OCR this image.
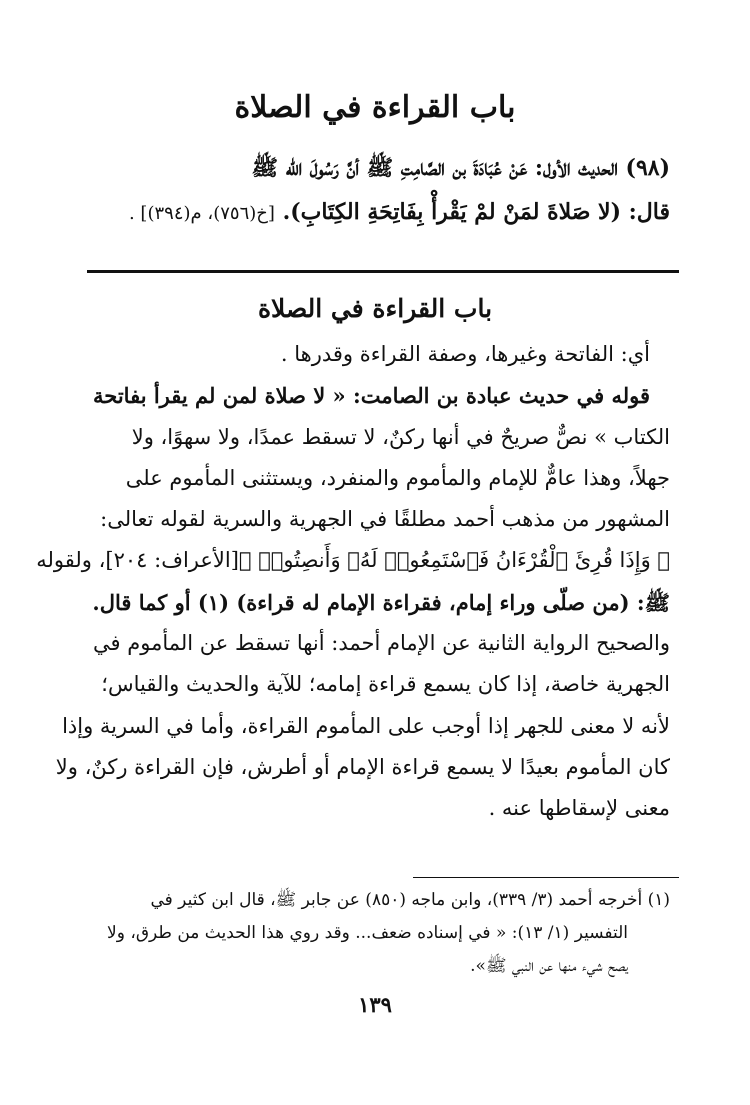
باب القراءة في الصلاة
(٩٨) الحديث الأول: عَنْ عُبَادَةَ بن الصَّامِتِ ﷺ أنَّ رَسُولَ الله ﷺ
قال: (لا صَلاةَ لمَنْ لمْ يَقْرأْ بِفَاتِحَةِ الكِتَابِ). [خ(٧٥٦)، م(٣٩٤)] .
باب القراءة في الصلاة
أي: الفاتحة وغيرها، وصفة القراءة وقدرها .
قوله في حديث عبادة بن الصامت: « لا صلاة لمن لم يقرأ بفاتحة
الكتاب » نصٌّ صريحٌ في أنها ركنٌ، لا تسقط عمدًا، ولا سهوًا، ولا
جهلاً، وهذا عامٌّ للإمام والمأموم والمنفرد، ويستثنى المأموم على
المشهور من مذهب أحمد مطلقًا في الجهرية والسرية لقوله تعالى:
﴿ وَإِذَا قُرِئَ ٱلْقُرْءَانُ فَٱسْتَمِعُوا۟ لَهُۥ وَأَنصِتُوا۟ ﴾[الأعراف: ٢٠٤]، ولقوله
ﷺ: (من صلّى وراء إمام، فقراءة الإمام له قراءة) (١) أو كما قال.
والصحيح الرواية الثانية عن الإمام أحمد: أنها تسقط عن المأموم في
الجهرية خاصة، إذا كان يسمع قراءة إمامه؛ للآية والحديث والقياس؛
لأنه لا معنى للجهر إذا أوجب على المأموم القراءة، وأما في السرية وإذا
كان المأموم بعيدًا لا يسمع قراءة الإمام أو أطرش، فإن القراءة ركنٌ، ولا
معنى لإسقاطها عنه .
(١) أخرجه أحمد (٣/ ٣٣٩)، وابن ماجه (٨٥٠) عن جابر ﷺ، قال ابن كثير في
التفسير (١/ ١٣): « في إسناده ضعف... وقد روي هذا الحديث من طرق، ولا
يصح شيء منها عن النبي ﷺ».
١٣٩
